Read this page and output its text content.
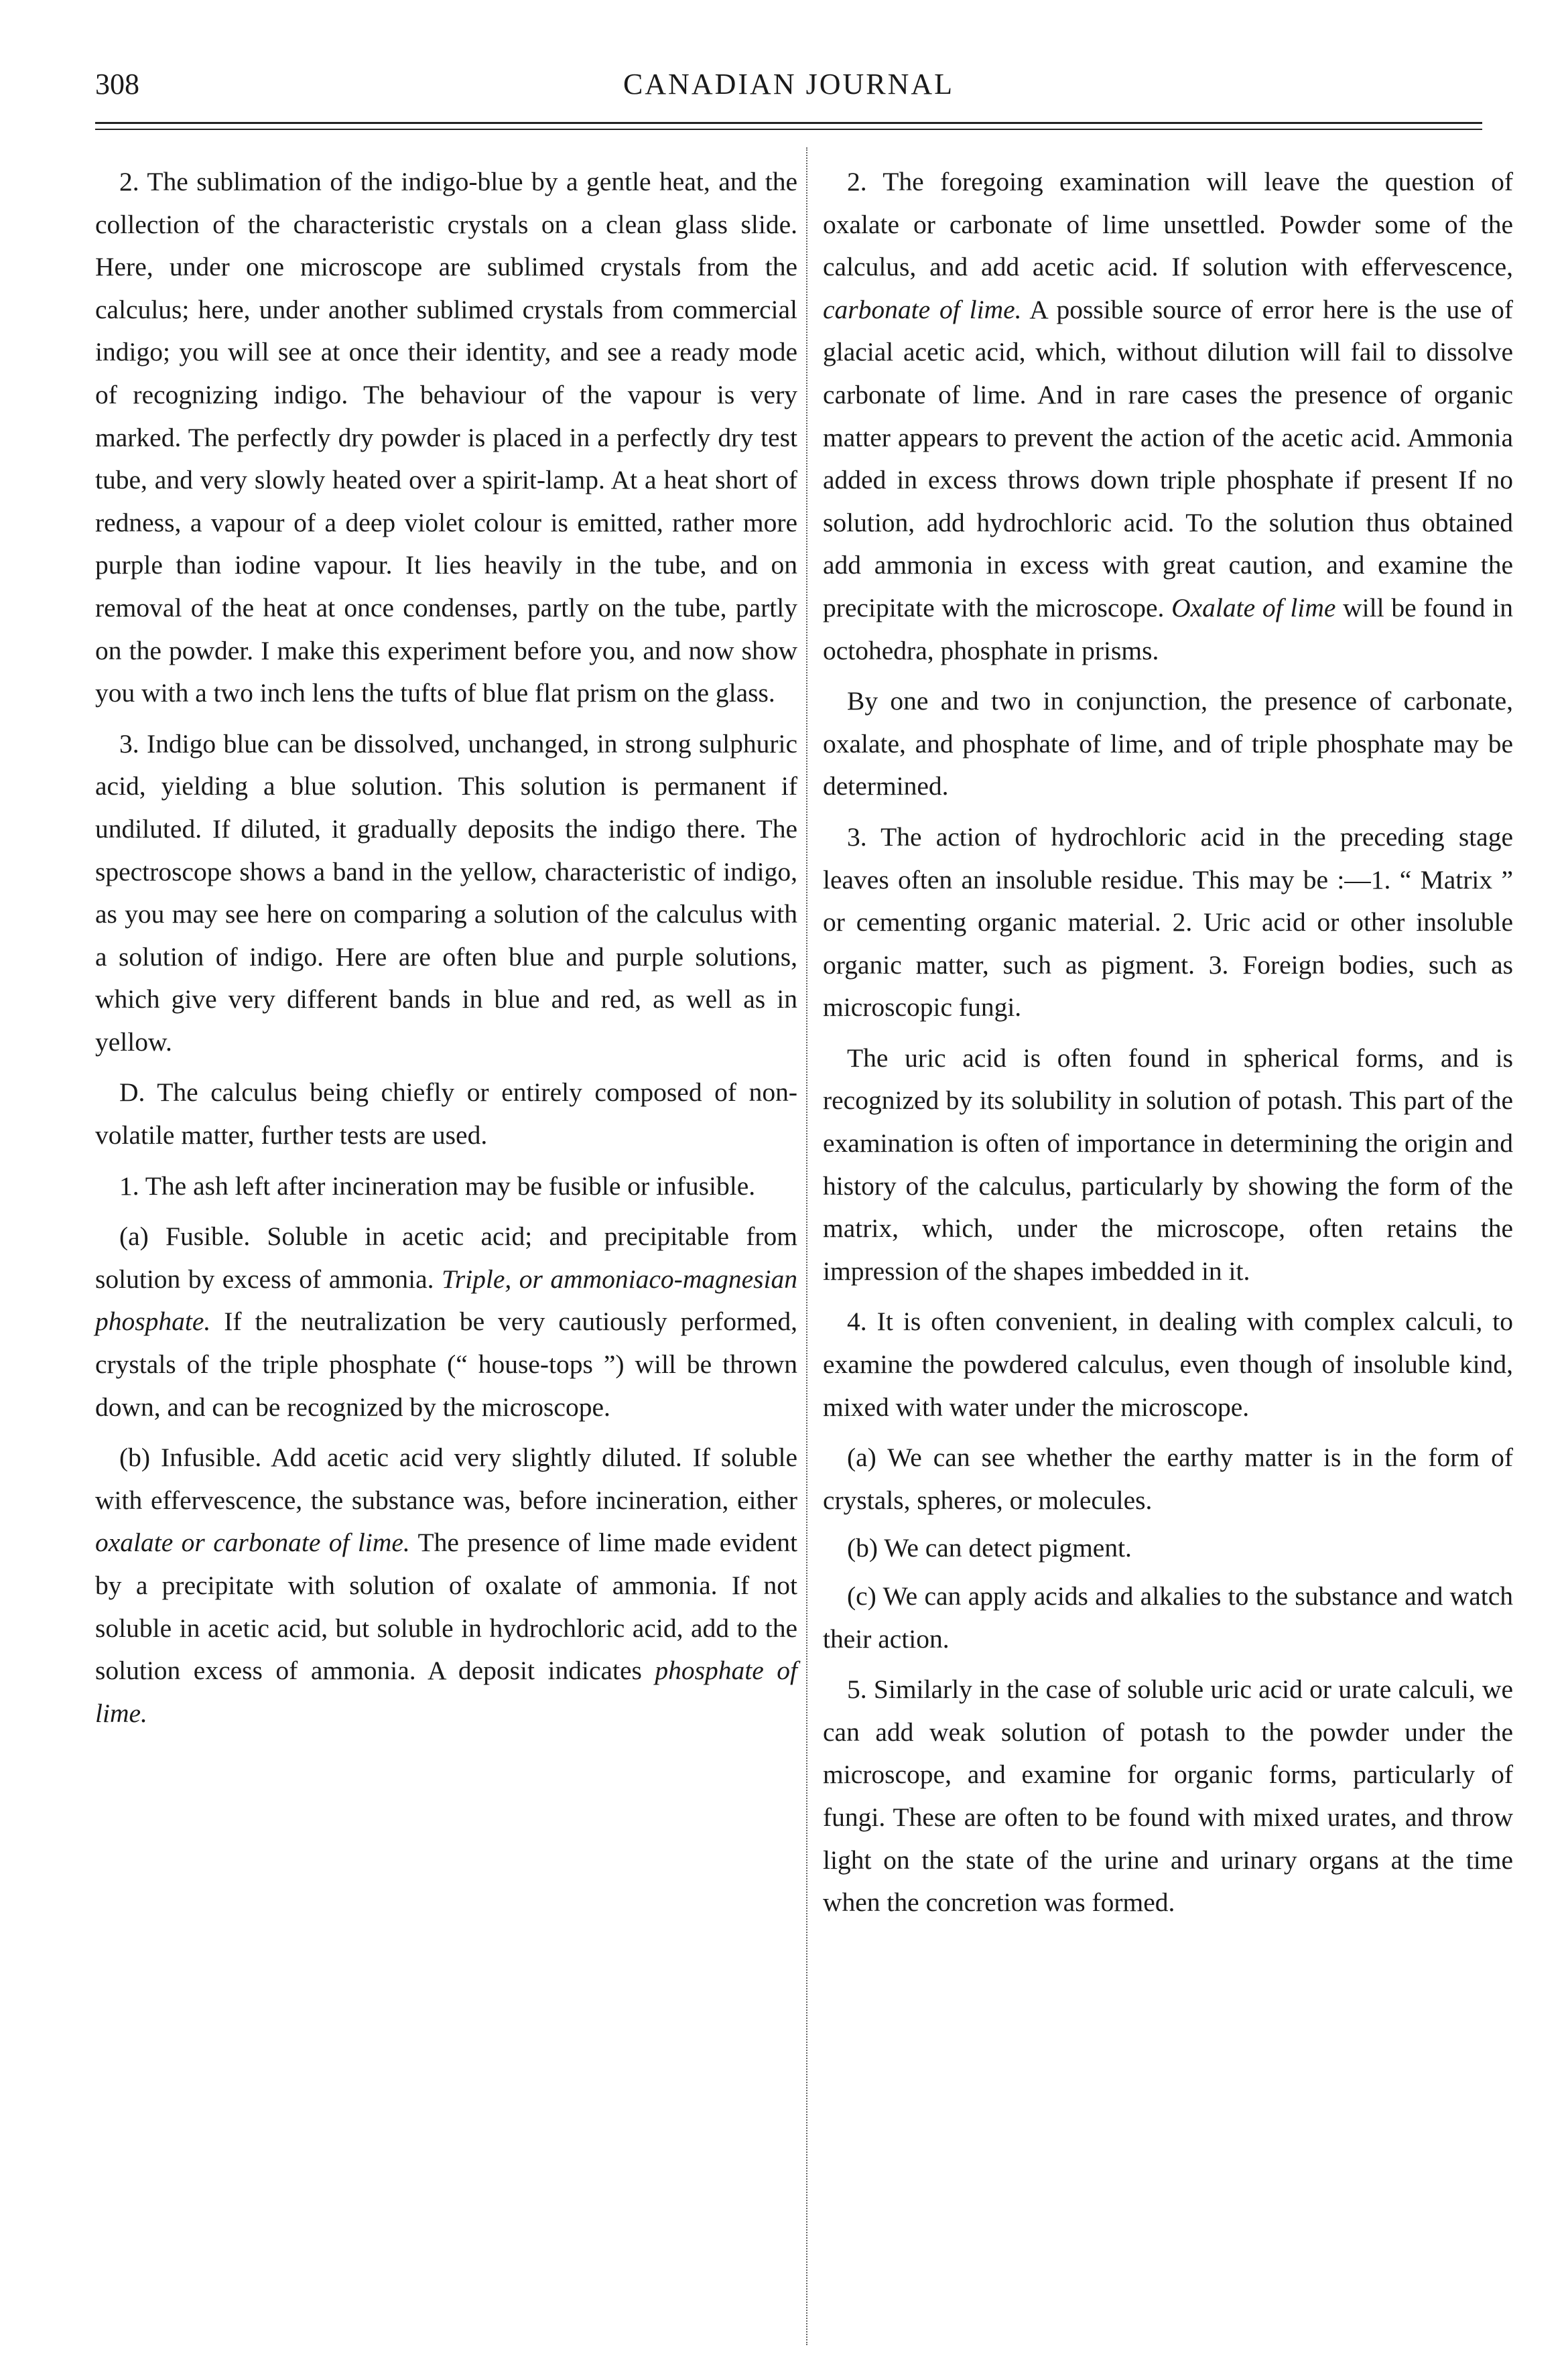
308	CANADIAN JOURNAL

2. The sublimation of the indigo-blue by a gentle heat, and the collection of the characteristic crystals on a clean glass slide. Here, under one microscope are sublimed crystals from the calculus; here, under another sublimed crystals from commercial indigo; you will see at once their identity, and see a ready mode of recognizing indigo. The behaviour of the vapour is very marked. The perfectly dry powder is placed in a perfectly dry test tube, and very slowly heated over a spirit-lamp. At a heat short of redness, a vapour of a deep violet colour is emitted, rather more purple than iodine vapour. It lies heavily in the tube, and on removal of the heat at once condenses, partly on the tube, partly on the powder. I make this experiment before you, and now show you with a two inch lens the tufts of blue flat prism on the glass.

3. Indigo blue can be dissolved, unchanged, in strong sulphuric acid, yielding a blue solution. This solution is permanent if undiluted. If diluted, it gradually deposits the indigo there. The spectroscope shows a band in the yellow, characteristic of indigo, as you may see here on comparing a solution of the calculus with a solution of indigo. Here are often blue and purple solutions, which give very different bands in blue and red, as well as in yellow.

D. The calculus being chiefly or entirely composed of non-volatile matter, further tests are used.

1. The ash left after incineration may be fusible or infusible.

(a) Fusible. Soluble in acetic acid; and precipitable from solution by excess of ammonia. Triple, or ammoniaco-magnesian phosphate. If the neutralization be very cautiously performed, crystals of the triple phosphate (“ house-tops ”) will be thrown down, and can be recognized by the microscope.

(b) Infusible. Add acetic acid very slightly diluted. If soluble with effervescence, the substance was, before incineration, either oxalate or carbonate of lime. The presence of lime made evident by a precipitate with solution of oxalate of ammonia. If not soluble in acetic acid, but soluble in hydrochloric acid, add to the solution excess of ammonia. A deposit indicates phosphate of lime.

2. The foregoing examination will leave the question of oxalate or carbonate of lime unsettled. Powder some of the calculus, and add acetic acid. If solution with effervescence, carbonate of lime. A possible source of error here is the use of glacial acetic acid, which, without dilution will fail to dissolve carbonate of lime. And in rare cases the presence of organic matter appears to prevent the action of the acetic acid. Ammonia added in excess throws down triple phosphate if present If no solution, add hydrochloric acid. To the solution thus obtained add ammonia in excess with great caution, and examine the precipitate with the microscope. Oxalate of lime will be found in octohedra, phosphate in prisms.

By one and two in conjunction, the presence of carbonate, oxalate, and phosphate of lime, and of triple phosphate may be determined.

3. The action of hydrochloric acid in the preceding stage leaves often an insoluble residue. This may be :—1. “ Matrix ” or cementing organic material. 2. Uric acid or other insoluble organic matter, such as pigment. 3. Foreign bodies, such as microscopic fungi.

The uric acid is often found in spherical forms, and is recognized by its solubility in solution of potash. This part of the examination is often of importance in determining the origin and history of the calculus, particularly by showing the form of the matrix, which, under the microscope, often retains the impression of the shapes imbedded in it.

4. It is often convenient, in dealing with complex calculi, to examine the powdered calculus, even though of insoluble kind, mixed with water under the microscope.

(a) We can see whether the earthy matter is in the form of crystals, spheres, or molecules.

(b) We can detect pigment.

(c) We can apply acids and alkalies to the substance and watch their action.

5. Similarly in the case of soluble uric acid or urate calculi, we can add weak solution of potash to the powder under the microscope, and examine for organic forms, particularly of fungi. These are often to be found with mixed urates, and throw light on the state of the urine and urinary organs at the time when the concretion was formed.
